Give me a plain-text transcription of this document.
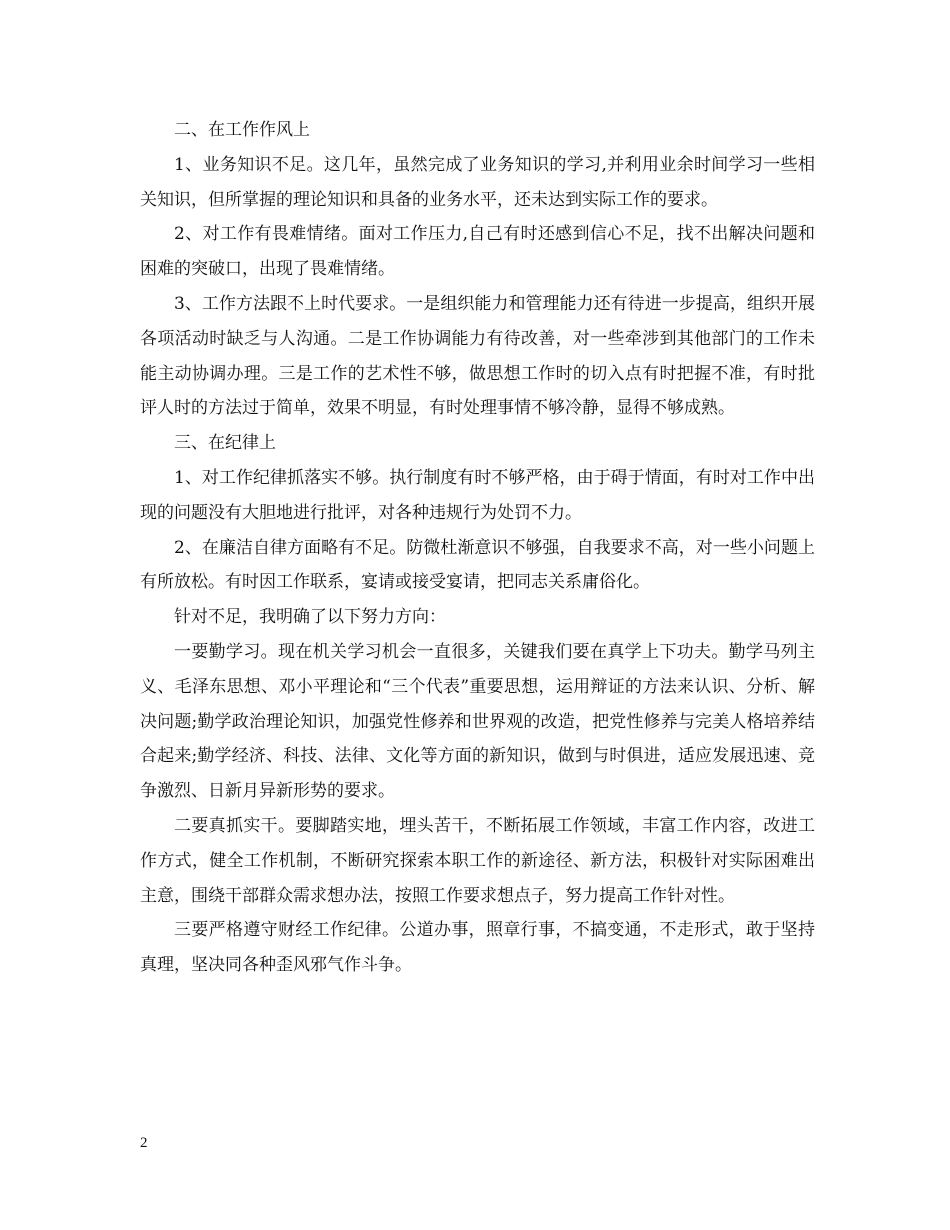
二、在工作作风上

1、业务知识不足。这几年，虽然完成了业务知识的学习,并利用业余时间学习一些相关知识，但所掌握的理论知识和具备的业务水平，还未达到实际工作的要求。

2、对工作有畏难情绪。面对工作压力,自己有时还感到信心不足，找不出解决问题和困难的突破口，出现了畏难情绪。

3、工作方法跟不上时代要求。一是组织能力和管理能力还有待进一步提高，组织开展各项活动时缺乏与人沟通。二是工作协调能力有待改善，对一些牵涉到其他部门的工作未能主动协调办理。三是工作的艺术性不够，做思想工作时的切入点有时把握不准，有时批评人时的方法过于简单，效果不明显，有时处理事情不够冷静，显得不够成熟。

三、在纪律上

1、对工作纪律抓落实不够。执行制度有时不够严格，由于碍于情面，有时对工作中出现的问题没有大胆地进行批评，对各种违规行为处罚不力。

2、在廉洁自律方面略有不足。防微杜渐意识不够强，自我要求不高，对一些小问题上有所放松。有时因工作联系，宴请或接受宴请，把同志关系庸俗化。

针对不足，我明确了以下努力方向：

一要勤学习。现在机关学习机会一直很多，关键我们要在真学上下功夫。勤学马列主义、毛泽东思想、邓小平理论和“三个代表”重要思想，运用辩证的方法来认识、分析、解决问题;勤学政治理论知识，加强党性修养和世界观的改造，把党性修养与完美人格培养结合起来;勤学经济、科技、法律、文化等方面的新知识，做到与时俱进，适应发展迅速、竞争激烈、日新月异新形势的要求。

二要真抓实干。要脚踏实地，埋头苦干，不断拓展工作领域，丰富工作内容，改进工作方式，健全工作机制，不断研究探索本职工作的新途径、新方法，积极针对实际困难出主意，围绕干部群众需求想办法，按照工作要求想点子，努力提高工作针对性。

三要严格遵守财经工作纪律。公道办事，照章行事，不搞变通，不走形式，敢于坚持真理，坚决同各种歪风邪气作斗争。

2
